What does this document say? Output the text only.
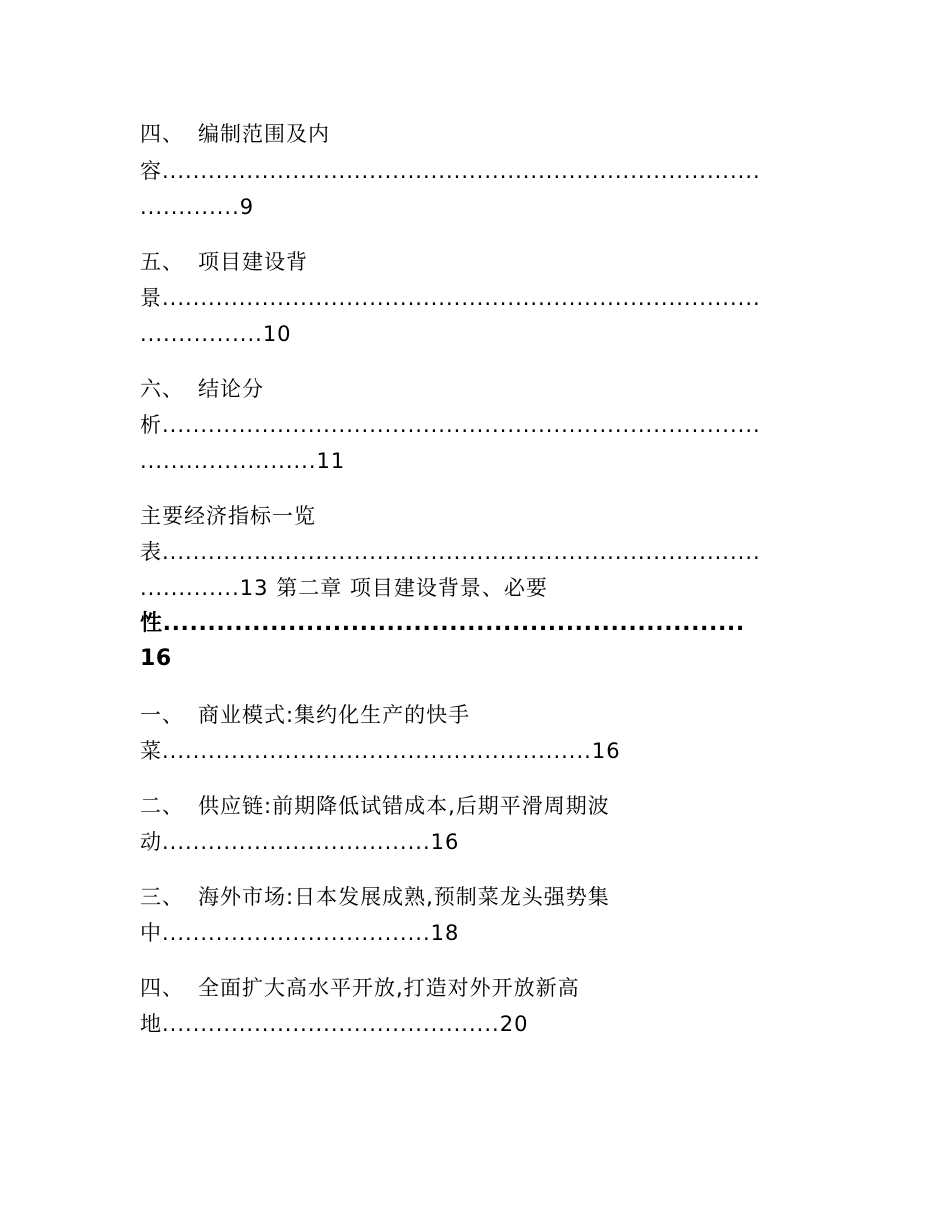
四、 编制范围及内
容..............................................................................
.............9
五、 项目建设背
景..............................................................................
................10
六、 结论分
析..............................................................................
.......................11
主要经济指标一览
表..............................................................................
.............13 第二章 项目建设背景、必要
性.................................................................
16
一、 商业模式:集约化生产的快手
菜........................................................16
二、 供应链:前期降低试错成本,后期平滑周期波
动...................................16
三、 海外市场:日本发展成熟,预制菜龙头强势集
中...................................18
四、 全面扩大高水平开放,打造对外开放新高
地............................................20
